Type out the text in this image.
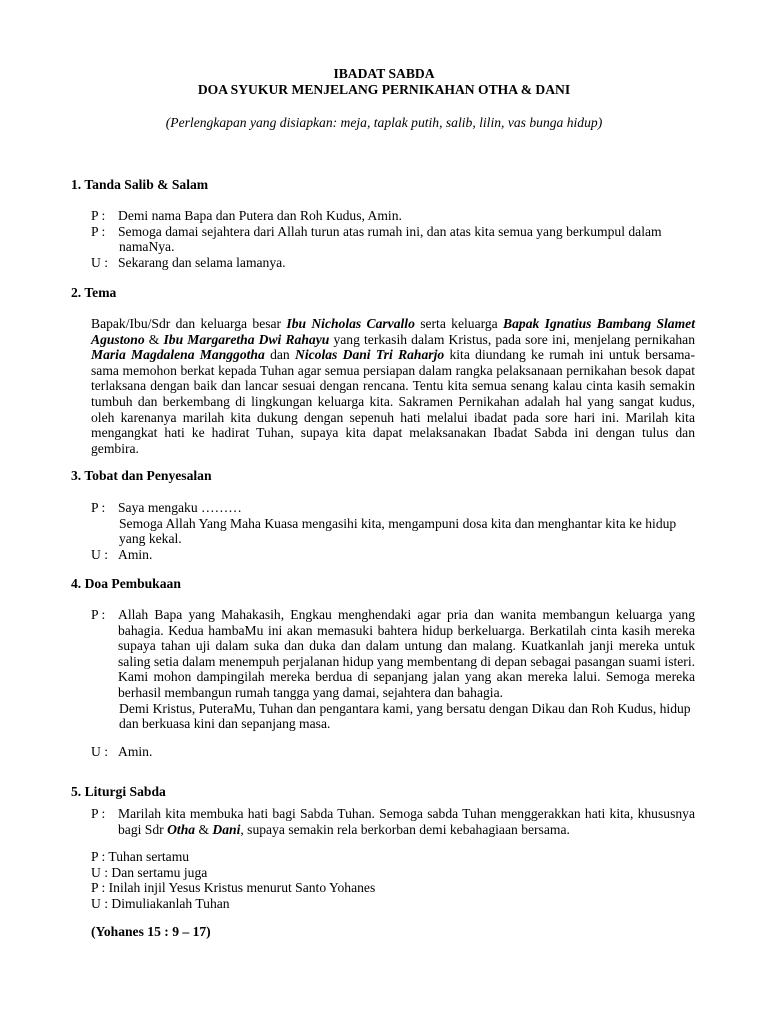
IBADAT SABDA
DOA SYUKUR MENJELANG PERNIKAHAN OTHA & DANI
(Perlengkapan yang disiapkan: meja, taplak putih, salib, lilin, vas bunga hidup)
1. Tanda Salib & Salam
P : Demi nama Bapa dan Putera dan Roh Kudus, Amin.
P : Semoga damai sejahtera dari Allah turun atas rumah ini, dan atas kita semua yang berkumpul dalam
namaNya.
U : Sekarang dan selama lamanya.
2. Tema
Bapak/Ibu/Sdr dan keluarga besar Ibu Nicholas Carvallo serta keluarga Bapak Ignatius Bambang Slamet Agustono & Ibu Margaretha Dwi Rahayu yang terkasih dalam Kristus, pada sore ini, menjelang pernikahan Maria Magdalena Manggotha dan Nicolas Dani Tri Raharjo kita diundang ke rumah ini untuk bersama-sama memohon berkat kepada Tuhan agar semua persiapan dalam rangka pelaksanaan pernikahan besok dapat terlaksana dengan baik dan lancar sesuai dengan rencana. Tentu kita semua senang kalau cinta kasih semakin tumbuh dan berkembang di lingkungan keluarga kita. Sakramen Pernikahan adalah hal yang sangat kudus, oleh karenanya marilah kita dukung dengan sepenuh hati melalui ibadat pada sore hari ini. Marilah kita mengangkat hati ke hadirat Tuhan, supaya kita dapat melaksanakan Ibadat Sabda ini dengan tulus dan gembira.
3. Tobat dan Penyesalan
P : Saya mengaku ………
Semoga Allah Yang Maha Kuasa mengasihi kita, mengampuni dosa kita dan menghantar kita ke hidup yang kekal.
U : Amin.
4. Doa Pembukaan
P : Allah Bapa yang Mahakasih, Engkau menghendaki agar pria dan wanita membangun keluarga yang bahagia. Kedua hambaMu ini akan memasuki bahtera hidup berkeluarga. Berkatilah cinta kasih mereka supaya tahan uji dalam suka dan duka dan dalam untung dan malang. Kuatkanlah janji mereka untuk saling setia dalam menempuh perjalanan hidup yang membentang di depan sebagai pasangan suami isteri. Kami mohon dampingilah mereka berdua di sepanjang jalan yang akan mereka lalui. Semoga mereka berhasil membangun rumah tangga yang damai, sejahtera dan bahagia.
Demi Kristus, PuteraMu, Tuhan dan pengantara kami, yang bersatu dengan Dikau dan Roh Kudus, hidup dan berkuasa kini dan sepanjang masa.
U : Amin.
5. Liturgi Sabda
P : Marilah kita membuka hati bagi Sabda Tuhan. Semoga sabda Tuhan menggerakkan hati kita, khususnya bagi Sdr Otha & Dani, supaya semakin rela berkorban demi kebahagiaan bersama.
P : Tuhan sertamu
U : Dan sertamu juga
P : Inilah injil Yesus Kristus menurut Santo Yohanes
U : Dimuliakanlah Tuhan
(Yohanes 15 : 9 – 17)
